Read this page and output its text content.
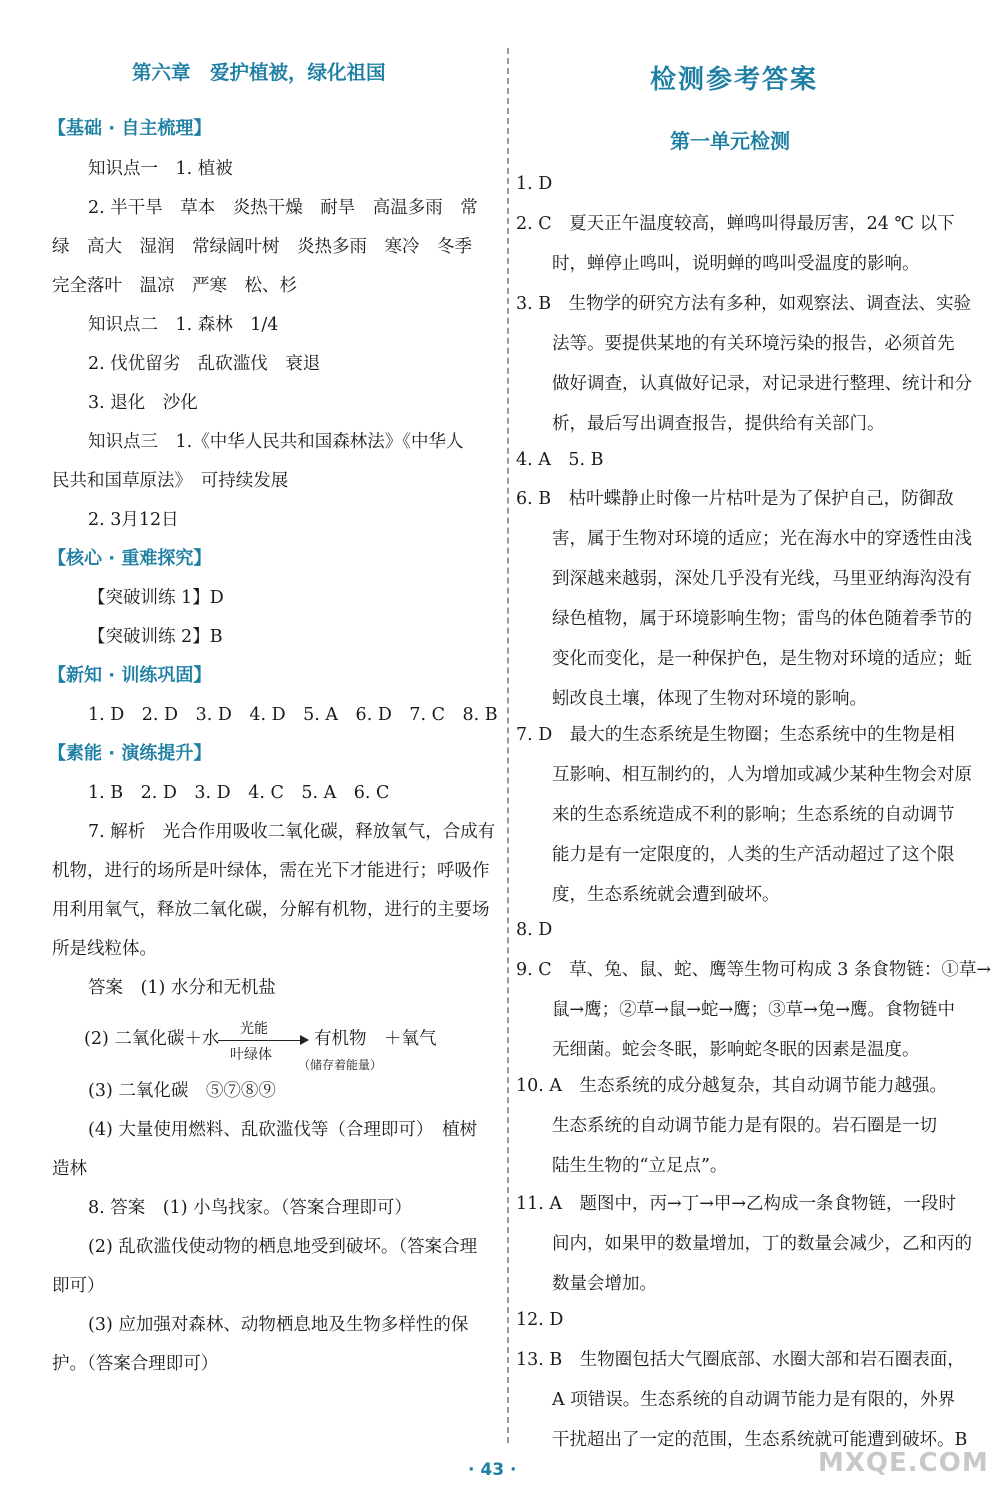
第六章　爱护植被，绿化祖国
【基础 · 自主梳理】
知识点一　1. 植被
2. 半干旱　草本　炎热干燥　耐旱　高温多雨　常
绿　高大　湿润　常绿阔叶树　炎热多雨　寒冷　冬季
完全落叶　温凉　严寒　松、杉
知识点二　1. 森林　1/4
2. 伐优留劣　乱砍滥伐　衰退
3. 退化　沙化
知识点三　1.《中华人民共和国森林法》《中华人
民共和国草原法》　可持续发展
2. 3月12日
【核心 · 重难探究】
【突破训练 1】D
【突破训练 2】B
【新知 · 训练巩固】
1. D　2. D　3. D　4. D　5. A　6. D　7. C　8. B
【素能 · 演练提升】
1. B　2. D　3. D　4. C　5. A　6. C
7. 解析　光合作用吸收二氧化碳，释放氧气，合成有
机物，进行的场所是叶绿体，需在光下才能进行；呼吸作
用利用氧气，释放二氧化碳，分解有机物，进行的主要场
所是线粒体。
答案　(1) 水分和无机盐
(2) 二氧化碳＋水 光能
叶绿体
有机物　＋氧气
（储存着能量）
(3) 二氧化碳　⑤⑦⑧⑨
(4) 大量使用燃料、乱砍滥伐等（合理即可）　植树
造林
8. 答案　(1) 小鸟找家。（答案合理即可）
(2) 乱砍滥伐使动物的栖息地受到破坏。（答案合理
即可）
(3) 应加强对森林、动物栖息地及生物多样性的保
护。（答案合理即可）
检测参考答案
第一单元检测
1. D
2. C　夏天正午温度较高，蝉鸣叫得最厉害，24 ℃ 以下
时，蝉停止鸣叫，说明蝉的鸣叫受温度的影响。
3. B　生物学的研究方法有多种，如观察法、调查法、实验
法等。要提供某地的有关环境污染的报告，必须首先
做好调查，认真做好记录，对记录进行整理、统计和分
析，最后写出调查报告，提供给有关部门。
4. A　5. B
6. B　枯叶蝶静止时像一片枯叶是为了保护自己，防御敌
害，属于生物对环境的适应；光在海水中的穿透性由浅
到深越来越弱，深处几乎没有光线，马里亚纳海沟没有
绿色植物，属于环境影响生物；雷鸟的体色随着季节的
变化而变化，是一种保护色，是生物对环境的适应；蚯
蚓改良土壤，体现了生物对环境的影响。
7. D　最大的生态系统是生物圈；生态系统中的生物是相
互影响、相互制约的，人为增加或减少某种生物会对原
来的生态系统造成不利的影响；生态系统的自动调节
能力是有一定限度的，人类的生产活动超过了这个限
度，生态系统就会遭到破坏。
8. D
9. C　草、兔、鼠、蛇、鹰等生物可构成 3 条食物链：①草→
鼠→鹰；②草→鼠→蛇→鹰；③草→兔→鹰。食物链中
无细菌。蛇会冬眠，影响蛇冬眠的因素是温度。
10. A　生态系统的成分越复杂，其自动调节能力越强。
生态系统的自动调节能力是有限的。岩石圈是一切
陆生生物的“立足点”。
11. A　题图中，丙→丁→甲→乙构成一条食物链，一段时
间内，如果甲的数量增加，丁的数量会减少，乙和丙的
数量会增加。
12. D
13. B　生物圈包括大气圈底部、水圈大部和岩石圈表面，
A 项错误。生态系统的自动调节能力是有限的，外界
干扰超出了一定的范围，生态系统就可能遭到破坏。B
· 43 ·	MXQE.COM
